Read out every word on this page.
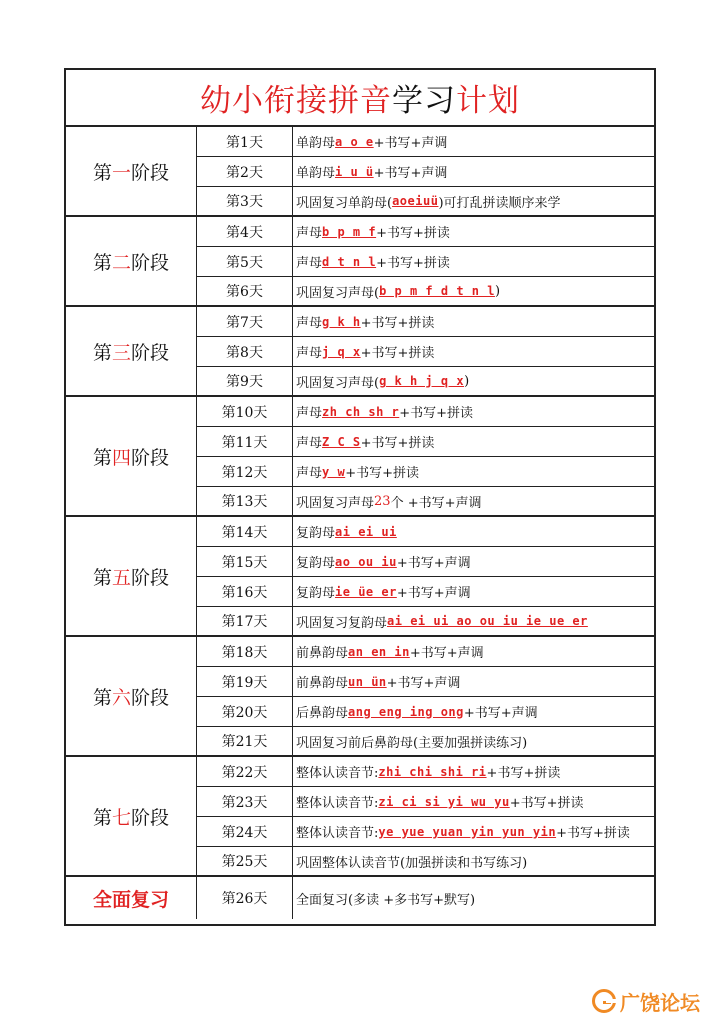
幼小衔接拼音 学习 计划
第 一 阶段
第1天	单韵母 a o e +书写+声调
第2天	单韵母 i u ü +书写+声调
第3天	巩固复习单韵母( aoeiuü )可打乱拼读顺序来学
第 二 阶段
第4天	声母 b p m f +书写+拼读
第5天	声母 d t n l +书写+拼读
第6天	巩固复习声母( b p m f d t n l )
第 三 阶段
第7天	声母 g k h +书写+拼读
第8天	声母 j q x +书写+拼读
第9天	巩固复习声母( g k h j q x )
第 四 阶段
第10天	声母 zh ch sh r +书写+拼读
第11天	声母 Z C S +书写+拼读
第12天	声母 y w +书写+拼读
第13天	巩固复习声母 23 个 +书写+声调
第 五 阶段
第14天	复韵母 ai ei ui
第15天	复韵母 ao ou iu +书写+声调
第16天	复韵母 ie üe er +书写+声调
第17天	巩固复习复韵母 ai ei ui ao ou iu ie ue er
第 六 阶段
第18天	前鼻韵母 an en in +书写+声调
第19天	前鼻韵母 un ün +书写+声调
第20天	后鼻韵母 ang eng ing ong +书写+声调
第21天	巩固复习前后鼻韵母(主要加强拼读练习)
第 七 阶段
第22天	整体认读音节: zhi chi shi ri +书写+拼读
第23天	整体认读音节: zi ci si yi wu yu +书写+拼读
第24天	整体认读音节: ye yue yuan yin yun yin +书写+拼读
第25天	巩固整体认读音节(加强拼读和书写练习)
全面复习	第26天	全面复习(多读 +多书写+默写)
广饶论坛
